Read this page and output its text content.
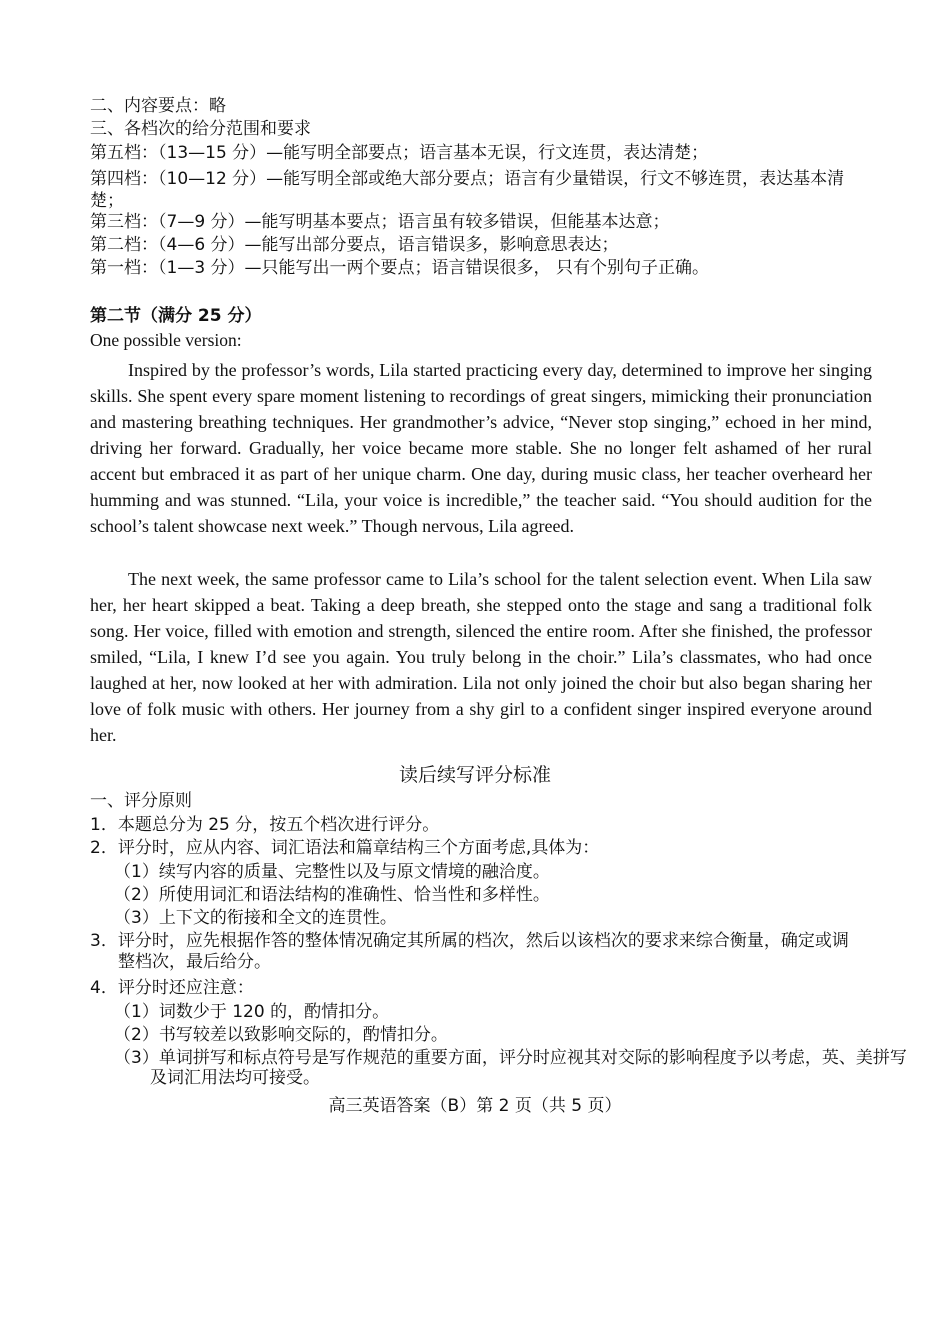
二、内容要点：略

三、各档次的给分范围和要求

第五档：（13—15 分）—能写明全部要点；语言基本无误，行文连贯，表达清楚；

第四档：（10—12 分）—能写明全部或绝大部分要点；语言有少量错误，行文不够连贯，表达基本清楚；

第三档：（7—9 分）—能写明基本要点；语言虽有较多错误，但能基本达意；

第二档：（4—6 分）—能写出部分要点，语言错误多，影响意思表达；

第一档：（1—3 分）—只能写出一两个要点；语言错误很多， 只有个别句子正确。

第二节（满分 25 分）

One possible version:

Inspired by the professor’s words, Lila started practicing every day, determined to improve her singing skills. She spent every spare moment listening to recordings of great singers, mimicking their pronunciation and mastering breathing techniques. Her grandmother’s advice, “Never stop singing,” echoed in her mind, driving her forward. Gradually, her voice became more stable. She no longer felt ashamed of her rural accent but embraced it as part of her unique charm. One day, during music class, her teacher overheard her humming and was stunned. “Lila, your voice is incredible,” the teacher said. “You should audition for the school’s talent showcase next week.” Though nervous, Lila agreed.

The next week, the same professor came to Lila’s school for the talent selection event. When Lila saw her, her heart skipped a beat. Taking a deep breath, she stepped onto the stage and sang a traditional folk song. Her voice, filled with emotion and strength, silenced the entire room. After she finished, the professor smiled, “Lila, I knew I’d see you again. You truly belong in the choir.” Lila’s classmates, who had once laughed at her, now looked at her with admiration. Lila not only joined the choir but also began sharing her love of folk music with others. Her journey from a shy girl to a confident singer inspired everyone around her.

读后续写评分标准

一、评分原则

1．本题总分为 25 分，按五个档次进行评分。

2．评分时，应从内容、词汇语法和篇章结构三个方面考虑,具体为：

（1）续写内容的质量、完整性以及与原文情境的融洽度。

（2）所使用词汇和语法结构的准确性、恰当性和多样性。

（3）上下文的衔接和全文的连贯性。

3．评分时，应先根据作答的整体情况确定其所属的档次，然后以该档次的要求来综合衡量，确定或调整档次，最后给分。

4．评分时还应注意：

（1）词数少于 120 的，酌情扣分。

（2）书写较差以致影响交际的，酌情扣分。

（3）单词拼写和标点符号是写作规范的重要方面，评分时应视其对交际的影响程度予以考虑，英、美拼写及词汇用法均可接受。

高三英语答案（B）第 2 页（共 5 页）
